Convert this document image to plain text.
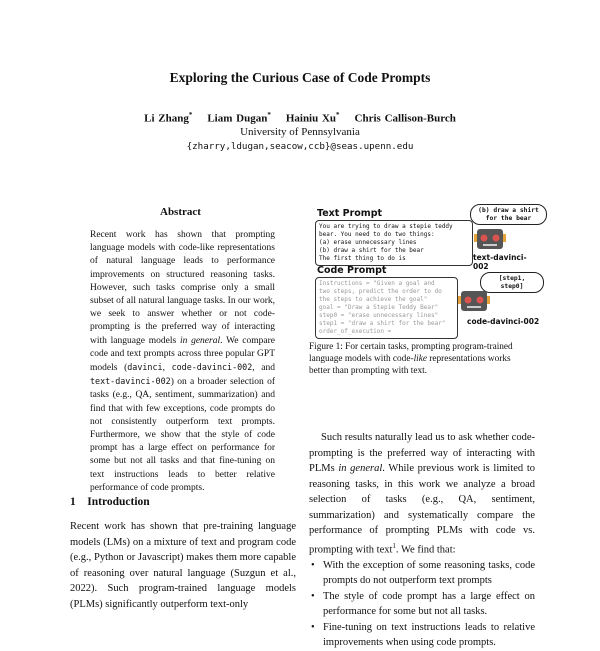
Exploring the Curious Case of Code Prompts
Li Zhang* Liam Dugan* Hainiu Xu* Chris Callison-Burch
University of Pennsylvania
{zharry,ldugan,seacow,ccb}@seas.upenn.edu
Abstract
Recent work has shown that prompting language models with code-like representations of natural language leads to performance improvements on structured reasoning tasks. However, such tasks comprise only a small subset of all natural language tasks. In our work, we seek to answer whether or not code-prompting is the preferred way of interacting with language models in general. We compare code and text prompts across three popular GPT models (davinci, code-davinci-002, and text-davinci-002) on a broader selection of tasks (e.g., QA, sentiment, summarization) and find that with few exceptions, code prompts do not consistently outperform text prompts. Furthermore, we show that the style of code prompt has a large effect on performance for some but not all tasks and that fine-tuning on text instructions leads to better relative performance of code prompts.
Text Prompt
You are trying to draw a stepie teddy
bear. You need to do two things:
(a) erase unnecessary lines
(b) draw a shirt for the bear
The first thing to do is
(b) draw a shirt
for the bear
text-davinci-002
Code Prompt
Instructions = "Given a goal and
two steps, predict the order to do
the steps to achieve the goal"
goal = "Draw a Stepie Teddy Bear"
step0 = "erase unnecessary lines"
step1 = "draw a shirt for the bear"
order_of_execution =
[step1, step0]
code-davinci-002
Figure 1: For certain tasks, prompting program-trained language models with code-like representations works better than prompting with text.
1 Introduction
Recent work has shown that pre-training language models (LMs) on a mixture of text and program code (e.g., Python or Javascript) makes them more capable of reasoning over natural language (Suzgun et al., 2022). Such program-trained language models (PLMs) significantly outperform text-only

Such results naturally lead us to ask whether code-prompting is the preferred way of interacting with PLMs in general. While previous work is limited to reasoning tasks, in this work we analyze a broad selection of tasks (e.g., QA, sentiment, summarization) and systematically compare the performance of prompting PLMs with code vs. prompting with text$^1$. We find that:

• With the exception of some reasoning tasks, code prompts do not outperform text prompts
• The style of code prompt has a large effect on performance for some but not all tasks.
• Fine-tuning on text instructions leads to relative improvements when using code prompts.
